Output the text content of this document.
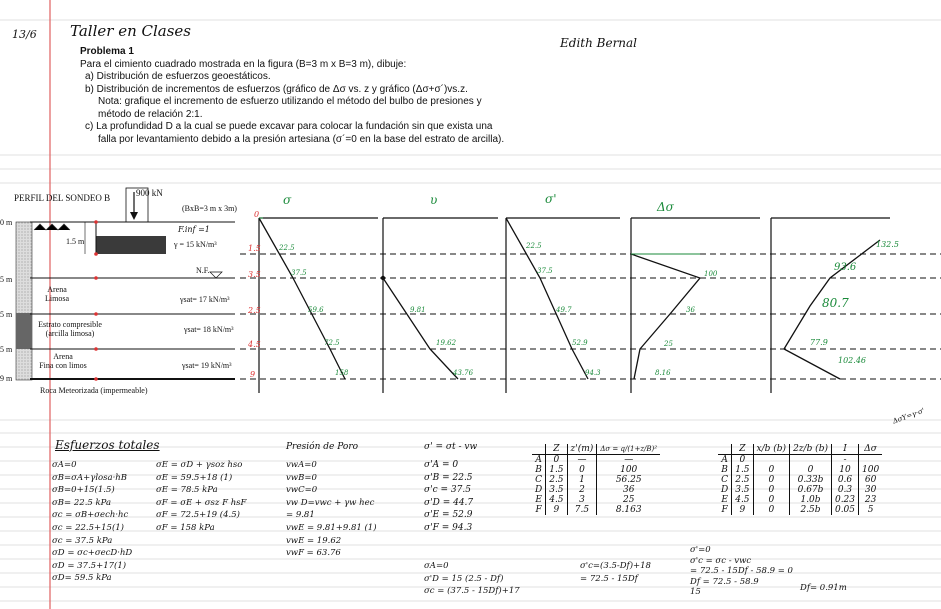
13/6 Taller en Clases
Edith Bernal
Problema 1
Para el cimiento cuadrado mostrada en la figura (B=3 m x B=3 m), dibuje:
a) Distribución de esfuerzos geoestáticos.
b) Distribución de incrementos de esfuerzos (gráfico de Δσ vs. z y gráfico (Δσ+σ´)vs.z.
Nota: grafique el incremento de esfuerzo utilizando el método del bulbo de presiones y
método de relación 2:1.
c) La profundidad D a la cual se puede excavar para colocar la fundación sin que exista una
falla por levantamiento debido a la presión artesiana (σ´=0 en la base del estrato de arcilla).
PERFIL DEL SONDEO B	900 kN
(BxB=3 m x 3m)
0 m
5 m
5 m
5 m
9 m
1.5 m
F.inf =1
γ = 15 kN/m³
N.F.
Arena
Limosa	γsat= 17 kN/m³
Estrato compresible
(arcilla limosa)	γsat= 18 kN/m³
Arena
Fina con limos	γsat= 19 kN/m³
Roca Meteorizada (impermeable)
σ	υ	σ'
Δσ
0
1.5
3.5
2.5
4.5
9
22.5
37.5
59.6
72.5
158
9.81
19.62
43.76
22.5
37.5
49.7
52.9
94.3
100
36
25
8.16
132.5
93.6
80.7
77.9
102.46
ΔσY=γ·σ'
Esfuerzos totales
σA=0
σB=σA+γlosa·hB
σB=0+15(1.5)
σB= 22.5 kPa
σc = σB+σech·hc
σc = 22.5+15(1)
σc = 37.5 kPa
σD = σc+σecD·hD
σD = 37.5+17(1)
σD= 59.5 kPa
σE = σD + γsoz hso
σE = 59.5+18 (1)
σE = 78.5 kPa
σF = σE + σsz F hsF
σF = 72.5+19 (4.5)
σF = 158 kPa
Presión de Poro
vwA=0
vwB=0
vwC=0
vw D=vwc + γw hec
= 9.81
vwE = 9.81+9.81 (1)
vwE = 19.62
vwF = 63.76
σ' = σt - vw
σ'A = 0
σ'B = 22.5
σ'c = 37.5
σ'D = 44.7
σ'E = 52.9
σ'F = 94.3
	Z	z'(m)	Δσ = q/(1+z/B)²
A	0	—	—
B	1.5	0	100
C	2.5	1	56.25
D	3.5	2	36
E	4.5	3	25
F	9	7.5	8.163
	Z	x/b (b)	2z/b (b)	I	Δσ
A	0			-	
B	1.5	0	0	10	100
C	2.5	0	0.33b	0.6	60
D	3.5	0	0.67b	0.3	30
E	4.5	0	1.0b	0.23	23
F	9	0	2.5b	0.05	5
σA=0
σ'D = 15 (2.5 - Df)
σc = (37.5 - 15Df)+17
σ'c=(3.5-Df)+18
= 72.5 - 15Df
σ'=0
σ'c = σc - vwc
= 72.5 - 15Df - 58.9 = 0
Df = 72.5 - 58.9
15	Df= 0.91m
